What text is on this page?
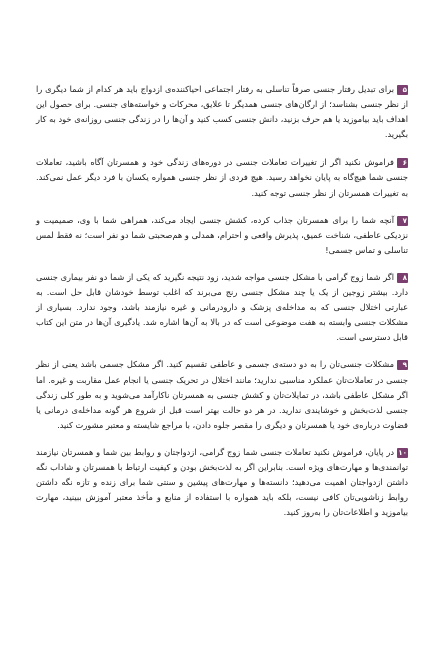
۵برای تبدیل رفتار جنسی صرفاً تناسلی به رفتار اجتماعی احیاکننده‌ی ازدواج باید هر کدام از شما دیگری را از نظر جنسی بشناسد؛ از ارگان‌های جنسی همدیگر تا علایق، محرکات و خواسته‌های جنسی. برای حصول این اهداف باید بیاموزید یا هم حرف بزنید، دانش جنسی کسب کنید و آن‌ها را در زندگی جنسی روزانه‌ی خود به کار بگیرید.

۶فراموش نکنید اگر از تغییرات تعاملات جنسی در دوره‌های زندگی خود و همسرتان آگاه باشید، تعاملات جنسی شما هیچ‌گاه به پایان نخواهد رسید. هیچ فردی از نظر جنسی همواره یکسان با فرد دیگر عمل نمی‌کند. به تغییرات همسرتان از نظر جنسی توجه کنید.

۷آنچه شما را برای همسرتان جذاب کرده، کشش جنسی ایجاد می‌کند، همراهی شما با وی، صمیمیت و نزدیکی عاطفی، شناخت عمیق، پذیرش واقعی و احترام، همدلی و هم‌صحبتی شما دو نفر است؛ نه فقط لمس تناسلی و تماس جسمی!

۸اگر شما زوج گرامی با مشکل جنسی مواجه شدید، زود نتیجه نگیرید که یکی از شما دو نفر بیماری جنسی دارد. بیشتر زوجین از یک یا چند مشکل جنسی رنج می‌برند که اغلب توسط خودشان قابل حل است. به عبارتی اختلال جنسی که به مداخله‌ی پزشک و دارودرمانی و غیره نیازمند باشد، وجود ندارد. بسیاری از مشکلات جنسی وابسته به هفت موضوعی است که در بالا به آن‌ها اشاره شد. یادگیری آن‌ها در متن این کتاب قابل دسترسی است.

۹مشکلات جنسی‌تان را به دو دسته‌ی جسمی و عاطفی تقسیم کنید. اگر مشکل جسمی باشد یعنی از نظر جنسی در تعاملات‌تان عملکرد مناسبی ندارید؛ مانند اختلال در تحریک جنسی یا انجام عمل مقاربت و غیره. اما اگر مشکل عاطفی باشد، در تمایلات‌تان و کشش جنسی به همسرتان ناکارآمد می‌شوید و به طور کلی زندگی جنسی لذت‌بخش و خوشایندی ندارید. در هر دو حالت بهتر است قبل از شروع هر گونه مداخله‌ی درمانی یا قضاوت درباره‌ی خود یا همسرتان و دیگری را مقصر جلوه دادن، با مراجع شایسته و معتبر مشورت کنید.

۱۰در پایان، فراموش نکنید تعاملات جنسی شما زوج گرامی، ازدواجتان و روابط بین شما و همسرتان نیازمند توانمندی‌ها و مهارت‌های ویژه است. بنابراین اگر به لذت‌بخش بودن و کیفیت ارتباط با همسرتان و شاداب نگه داشتن ازدواجتان اهمیت می‌دهید؛ دانسته‌ها و مهارت‌های پیشین و سنتی شما برای زنده و تازه نگه داشتن روابط زناشویی‌تان کافی نیست، بلکه باید همواره با استفاده از منابع و مأخذ معتبر آموزش ببینید، مهارت بیاموزید و اطلاعات‌تان را به‌روز کنید.
